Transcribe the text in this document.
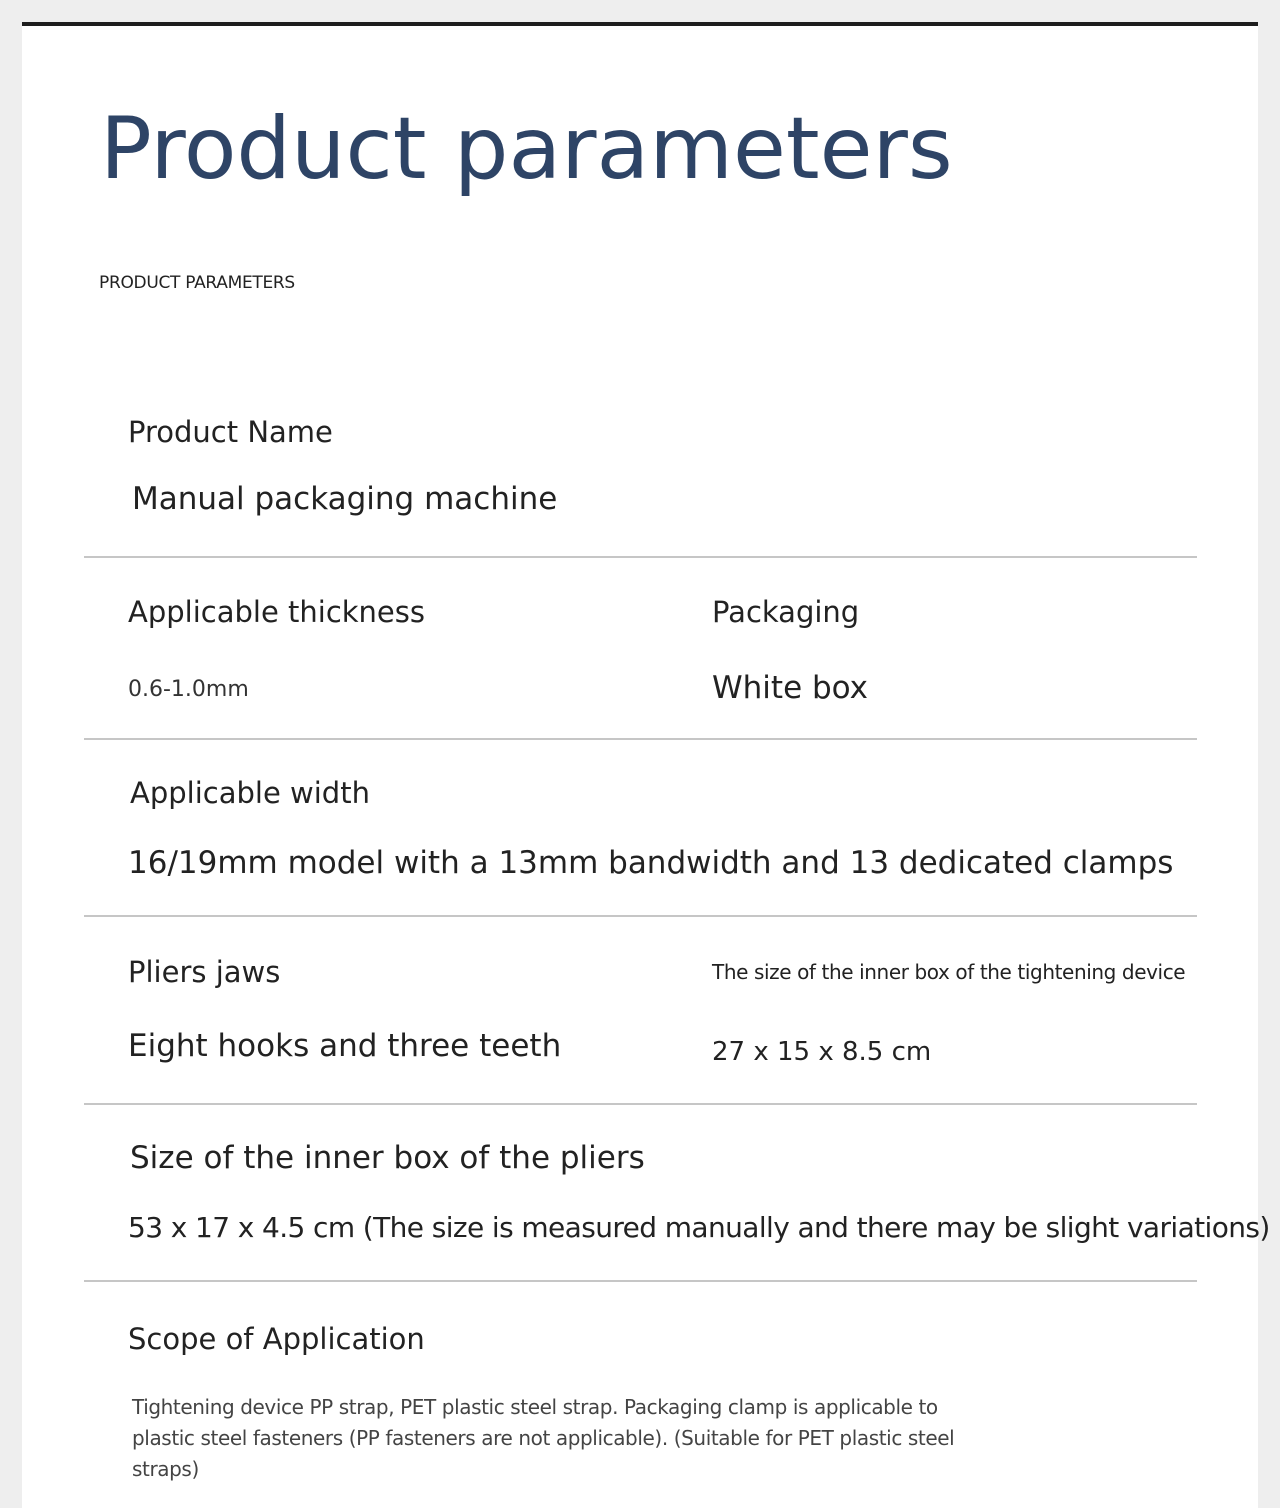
Product parameters
PRODUCT PARAMETERS
Product Name
Manual packaging machine
Applicable thickness
0.6-1.0mm
Packaging
White box
Applicable width
16/19mm model with a 13mm bandwidth and 13 dedicated clamps
Pliers jaws
Eight hooks and three teeth
The size of the inner box of the tightening device
27 x 15 x 8.5 cm
Size of the inner box of the pliers
53 x 17 x 4.5 cm (The size is measured manually and there may be slight variations)
Scope of Application

Tightening device PP strap, PET plastic steel strap. Packaging clamp is applicable to plastic steel fasteners (PP fasteners are not applicable). (Suitable for PET plastic steel straps)
